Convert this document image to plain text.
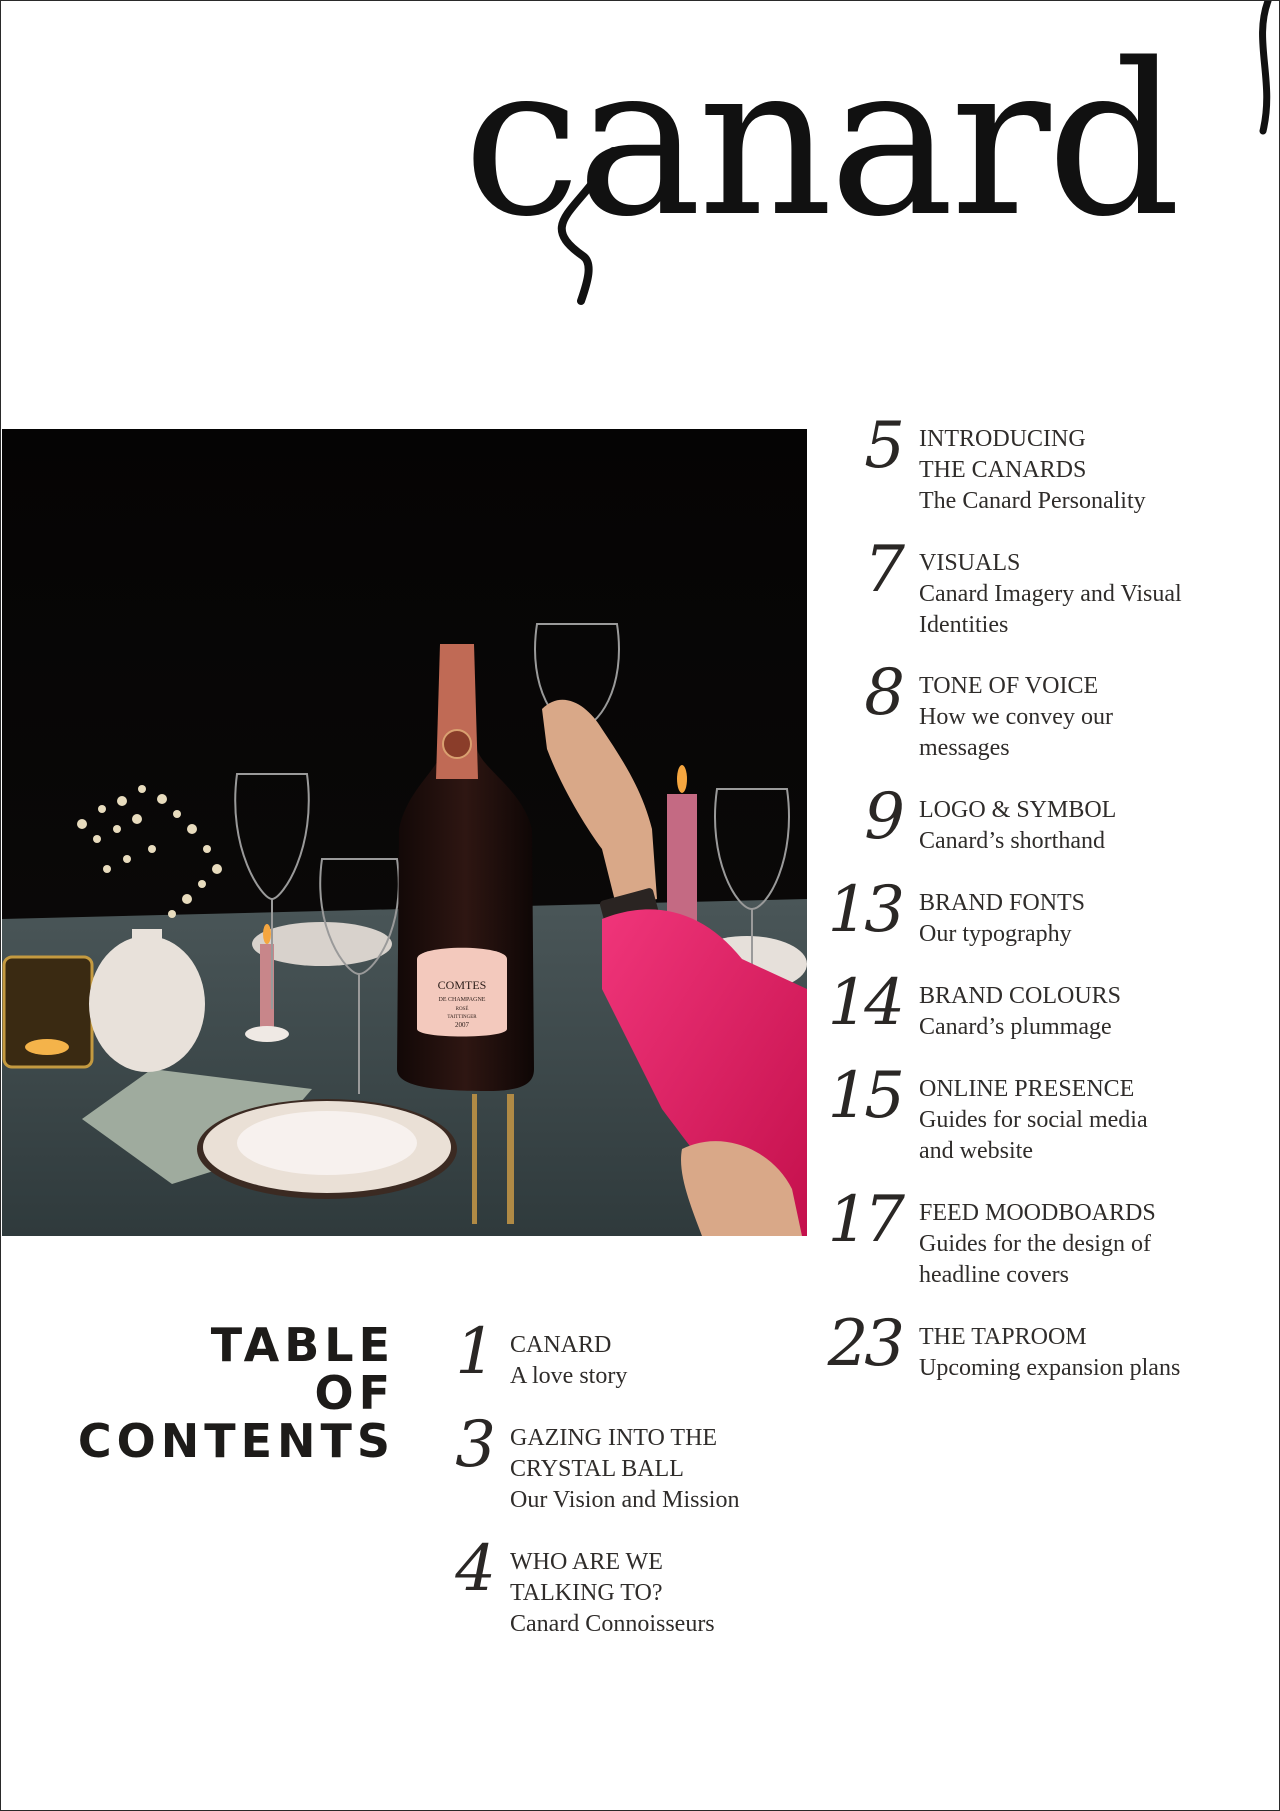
canard
COMTES
DE CHAMPAGNE
ROSÉ
TAITTINGER
2007
TABLE
OF
CONTENTS
1 CANARD
A love story
3 GAZING INTO THE
CRYSTAL BALL
Our Vision and Mission
4 WHO ARE WE
TALKING TO?
Canard Connoisseurs
5 INTRODUCING
THE CANARDS
The Canard Personality
7 VISUALS
Canard Imagery and Visual
Identities
8 TONE OF VOICE
How we convey our
messages
9 LOGO & SYMBOL
Canard’s shorthand
13 BRAND FONTS
Our typography
14 BRAND COLOURS
Canard’s plummage
15 ONLINE PRESENCE
Guides for social media
and website
17 FEED MOODBOARDS
Guides for the design of
headline covers
23 THE TAPROOM
Upcoming expansion plans
